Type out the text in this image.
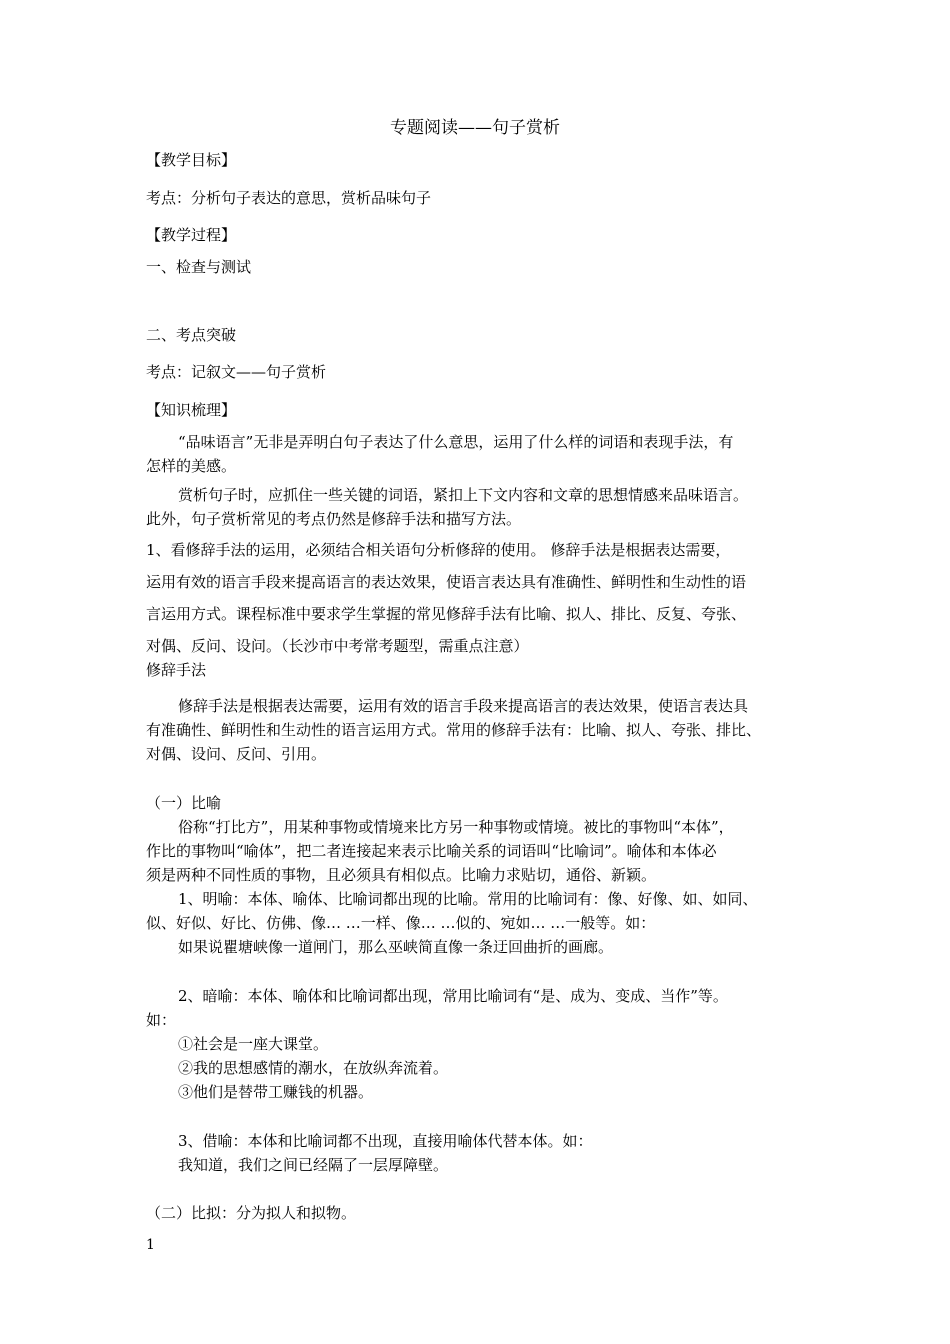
专题阅读——句子赏析
【教学目标】
考点：分析句子表达的意思，赏析品味句子
【教学过程】
一、检查与测试
二、考点突破
考点：记叙文——句子赏析
【知识梳理】
“品味语言”无非是弄明白句子表达了什么意思，运用了什么样的词语和表现手法，有
怎样的美感。
赏析句子时，应抓住一些关键的词语，紧扣上下文内容和文章的思想情感来品味语言。
此外，句子赏析常见的考点仍然是修辞手法和描写方法。
1、看修辞手法的运用，必须结合相关语句分析修辞的使用。 修辞手法是根据表达需要，
运用有效的语言手段来提高语言的表达效果，使语言表达具有准确性、鲜明性和生动性的语
言运用方式。课程标准中要求学生掌握的常见修辞手法有比喻、拟人、排比、反复、夸张、
对偶、反问、设问。（长沙市中考常考题型，需重点注意）
修辞手法
修辞手法是根据表达需要，运用有效的语言手段来提高语言的表达效果，使语言表达具
有准确性、鲜明性和生动性的语言运用方式。常用的修辞手法有：比喻、拟人、夸张、排比、
对偶、设问、反问、引用。
（一）比喻
俗称“打比方”，用某种事物或情境来比方另一种事物或情境。被比的事物叫“本体”，
作比的事物叫“喻体”，把二者连接起来表示比喻关系的词语叫“比喻词”。喻体和本体必
须是两种不同性质的事物，且必须具有相似点。比喻力求贴切，通俗、新颖。
1、明喻：本体、喻体、比喻词都出现的比喻。常用的比喻词有：像、好像、如、如同、
似、好似、好比、仿佛、像… …一样、像… …似的、宛如… …一般等。如：
如果说瞿塘峡像一道闸门，那么巫峡简直像一条迂回曲折的画廊。
2、暗喻：本体、喻体和比喻词都出现，常用比喻词有“是、成为、变成、当作”等。
如：
①社会是一座大课堂。
②我的思想感情的潮水，在放纵奔流着。
③他们是替带工赚钱的机器。
3、借喻：本体和比喻词都不出现，直接用喻体代替本体。如：
我知道，我们之间已经隔了一层厚障壁。
（二）比拟：分为拟人和拟物。
1
